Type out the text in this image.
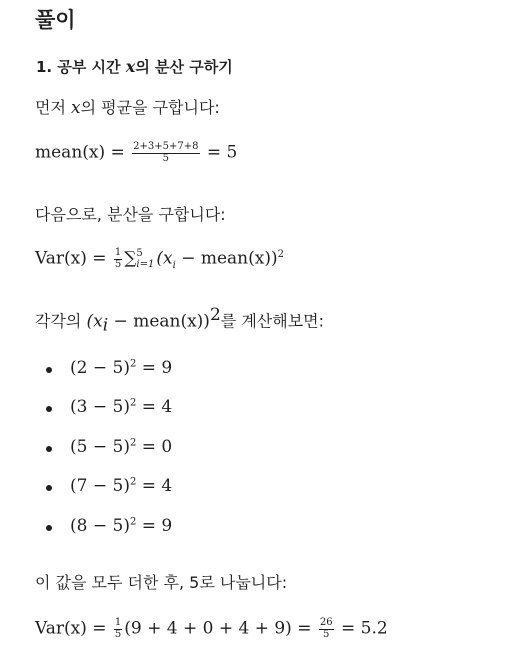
풀이
1. 공부 시간 x의 분산 구하기
먼저 x의 평균을 구합니다:
mean(x) = $\frac{2+3+5+7+8}{5} = 5$
다음으로, 분산을 구합니다:
$Var(x) = \frac{1}{5}$ ∑ 5
i=1 ($x_i$ − mean(x))$^2$
각각의 ($x_i$ − mean(x))$^2$를 계산해보면:
$(2 - 5)^2 = 9$
$(3 - 5)^2 = 4$
$(5 - 5)^2 = 0$
$(7 - 5)^2 = 4$
$(8 - 5)^2 = 9$
이 값을 모두 더한 후, 5로 나눕니다:
$Var(x) = \frac{1}{5} (9 + 4 + 0 + 4 + 9) = \frac{26}{5} = 5.2$
